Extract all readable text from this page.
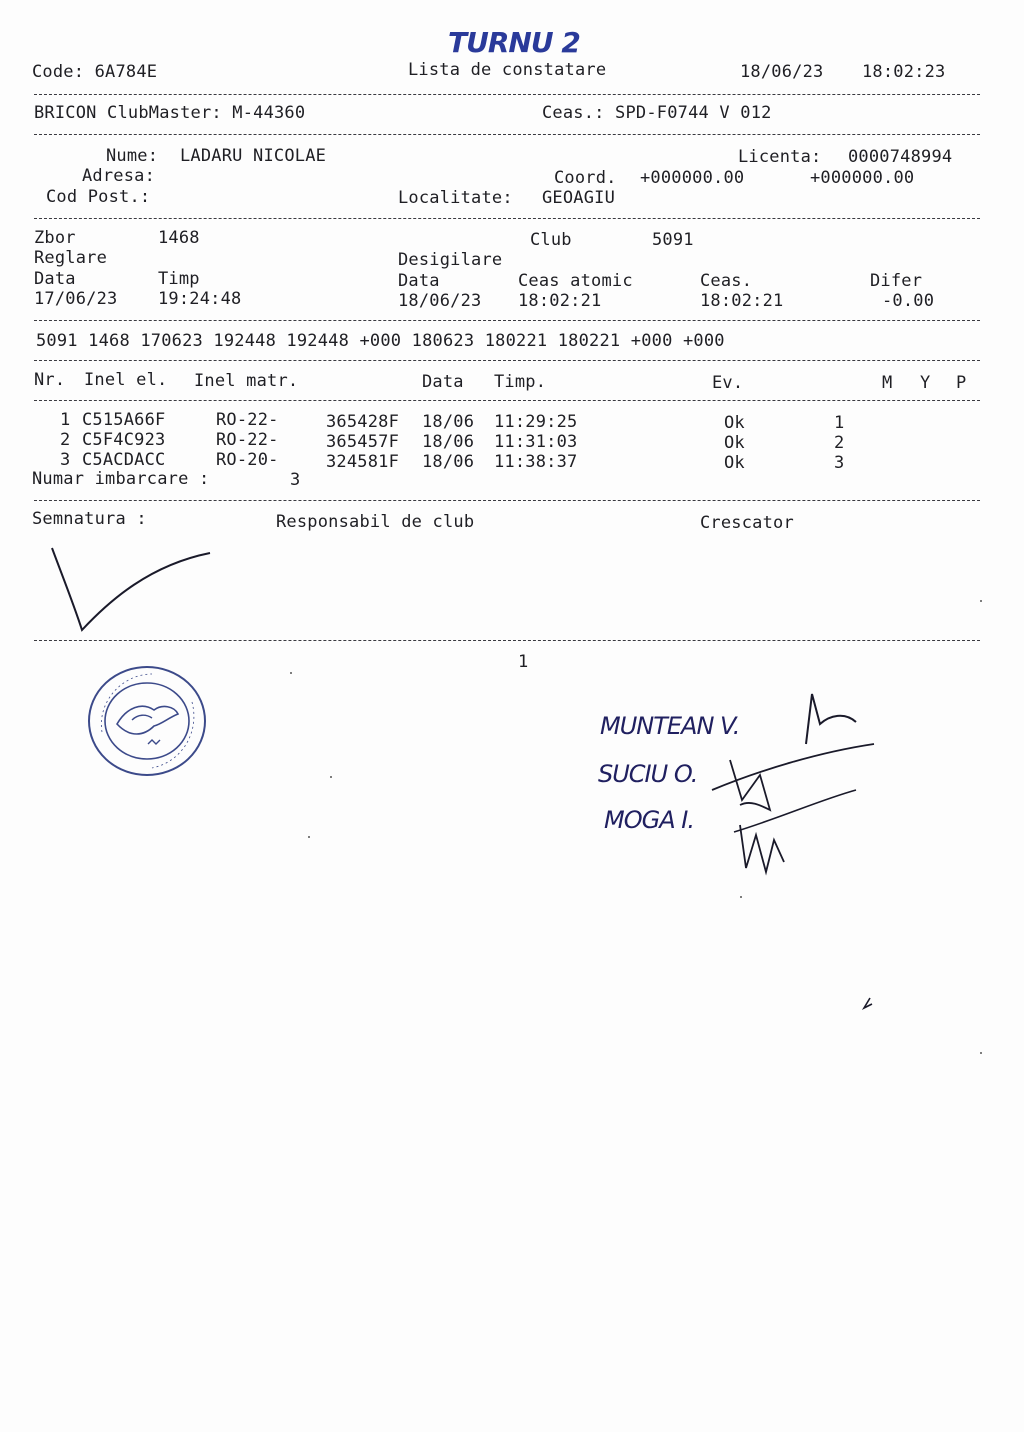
TURNU 2
Code: 6A784E	Lista de constatare	18/06/23 18:02:23
BRICON ClubMaster: M-44360	Ceas.: SPD-F0744 V 012
Nume: LADARU NICOLAE	Licenta: 0000748994
Adresa:	Coord. +000000.00	+000000.00
Cod Post.:	Localitate: GEOAGIU
Zbor	1468	Club	5091
Reglare	Desigilare
Data	Timp	Data	Ceas atomic	Ceas.	Difer
17/06/23 19:24:48	18/06/23 18:02:21	18:02:21	-0.00
5091 1468 170623 192448 192448 +000 180623 180221 180221 +000 +000
Nr. Inel el. Inel matr.	Data Timp.	Ev.	M Y P
1 C515A66F	RO-22-	365428F 18/06 11:29:25	Ok	1
2 C5F4C923	RO-22-	365457F 18/06 11:31:03	Ok	2
3 C5ACDACC	RO-20-	324581F 18/06 11:38:37	Ok	3
Numar imbarcare :	3
Semnatura :	Responsabil de club	Crescator
1
MUNTEAN V.
SUCIU O.
MOGA I.
